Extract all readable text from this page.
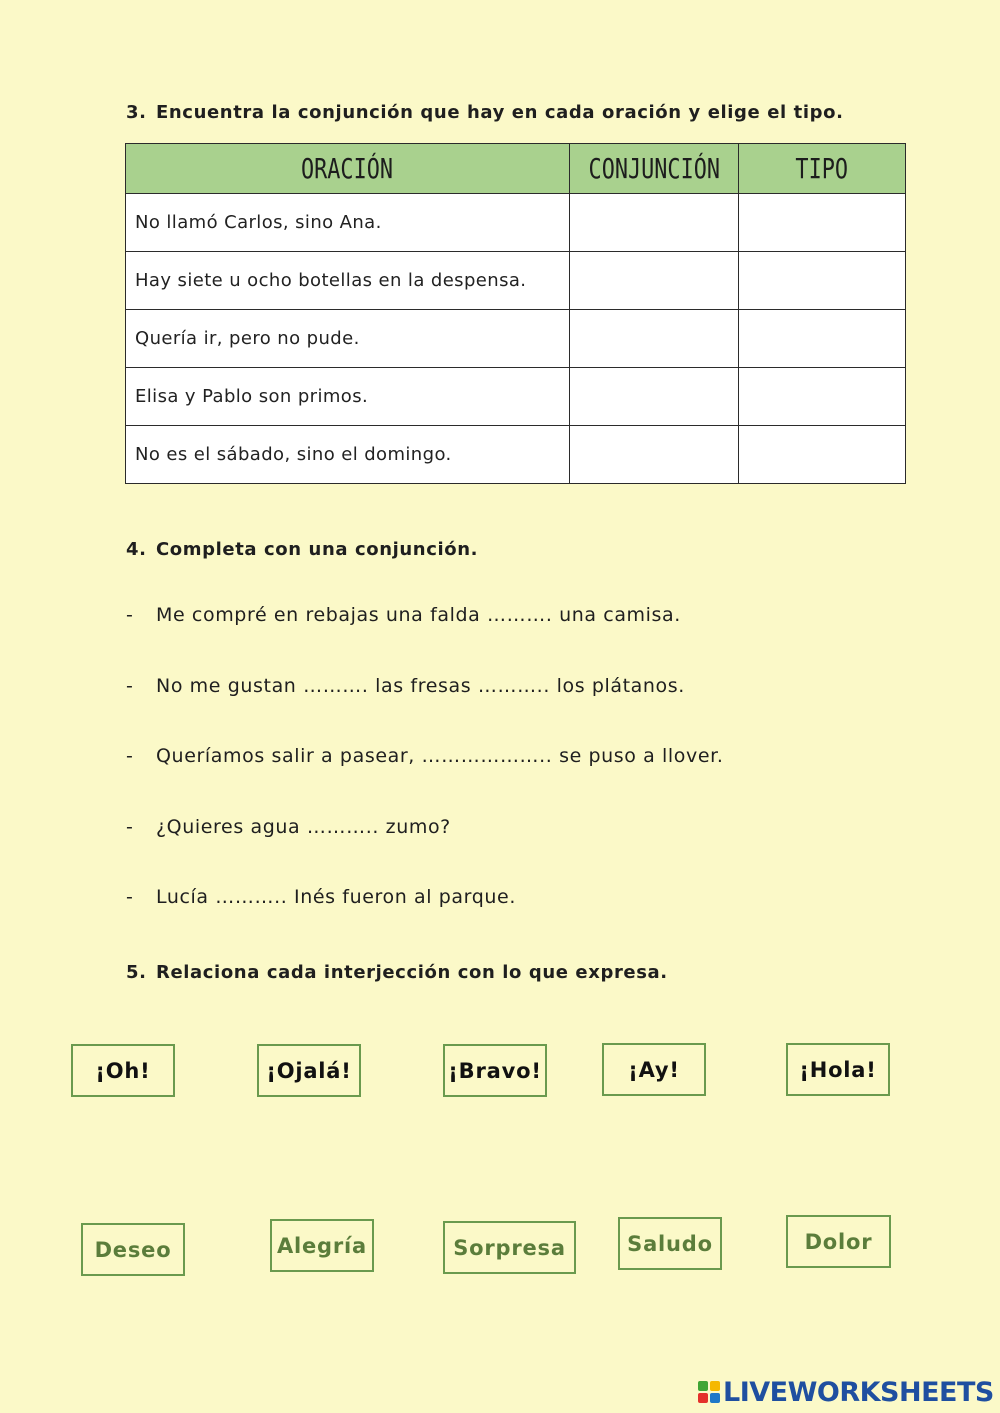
3. Encuentra la conjunción que hay en cada oración y elige el tipo.
ORACIÓN	CONJUNCIÓN	TIPO
No llamó Carlos, sino Ana.		
Hay siete u ocho botellas en la despensa.		
Quería ir, pero no pude.		
Elisa y Pablo son primos.		
No es el sábado, sino el domingo.		
4. Completa con una conjunción.
- Me compré en rebajas una falda ………. una camisa.
- No me gustan ………. las fresas ……….. los plátanos.
- Queríamos salir a pasear, ……………….. se puso a llover.
- ¿Quieres agua ……….. zumo?
- Lucía ……….. Inés fueron al parque.
5. Relaciona cada interjección con lo que expresa.
¡Oh!	¡Ojalá!	¡Bravo!	¡Ay!	¡Hola!
Deseo	Alegría	Sorpresa	Saludo	Dolor
LIVEWORKSHEETS
